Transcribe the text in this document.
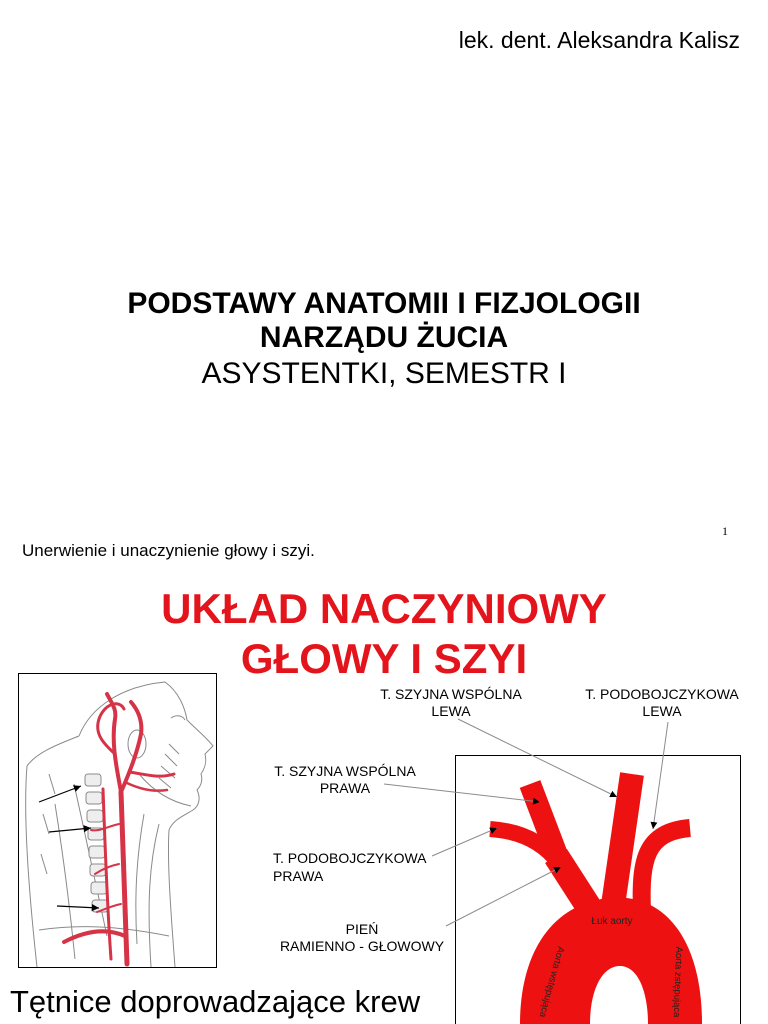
lek. dent. Aleksandra Kalisz
PODSTAWY ANATOMII I FIZJOLOGII
NARZĄDU ŻUCIA
ASYSTENTKI, SEMESTR I
1
Unerwienie i unaczynienie głowy i szyi.
UKŁAD NACZYNIOWY
GŁOWY I SZYI
T. SZYJNA WSPÓLNA
LEWA
T. PODOBOJCZYKOWA
LEWA
T. SZYJNA WSPÓLNA
PRAWA
T. PODOBOJCZYKOWA
PRAWA
PIEŃ
RAMIENNO - GŁOWOWY
Łuk aorty
Aorta wstępująca	Aorta zstępująca
Tętnice doprowadzające krew
